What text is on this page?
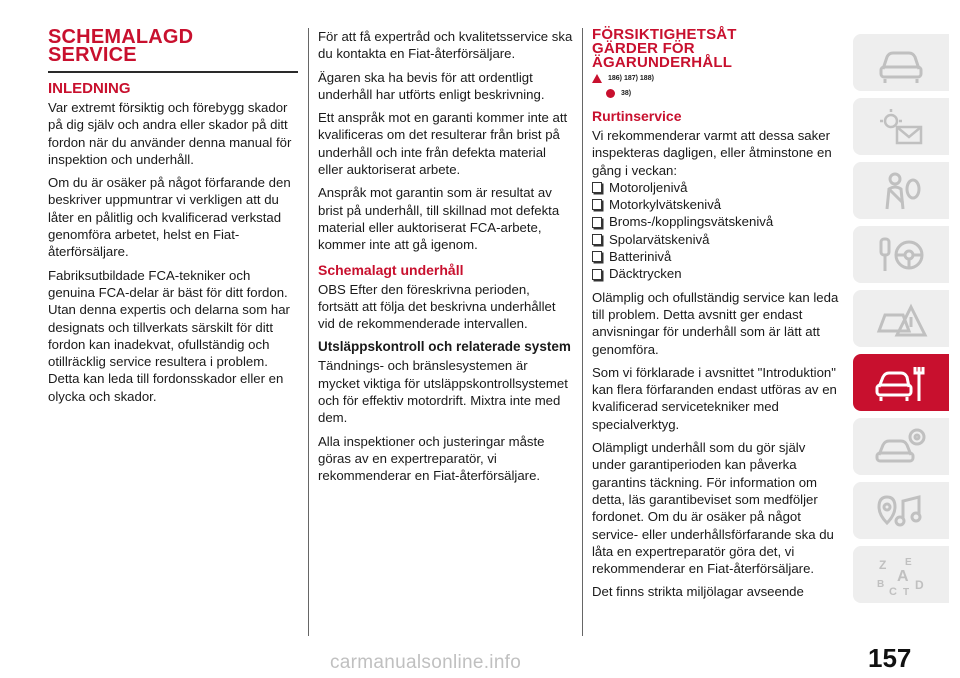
SCHEMALAGD
SERVICE
INLEDNING

Var extremt försiktig och förebygg skador på dig själv och andra eller skador på ditt fordon när du använder denna manual för inspektion och underhåll.

Om du är osäker på något förfarande den beskriver uppmuntrar vi verkligen att du låter en pålitlig och kvalificerad verkstad genomföra arbetet, helst en Fiat-återförsäljare.

Fabriksutbildade FCA-tekniker och genuina FCA-delar är bäst för ditt fordon. Utan denna expertis och delarna som har designats och tillverkats särskilt för ditt fordon kan inadekvat, ofullständig och otillräcklig service resultera i problem. Detta kan leda till fordonsskador eller en olycka och skador.

För att få expertråd och kvalitetsservice ska du kontakta en Fiat-återförsäljare.

Ägaren ska ha bevis för att ordentligt underhåll har utförts enligt beskrivning.

Ett anspråk mot en garanti kommer inte att kvalificeras om det resulterar från brist på underhåll och inte från defekta material eller auktoriserat arbete.

Anspråk mot garantin som är resultat av brist på underhåll, till skillnad mot defekta material eller auktoriserat FCA-arbete, kommer inte att gå igenom.

Schemalagt underhåll

OBS Efter den föreskrivna perioden, fortsätt att följa det beskrivna underhållet vid de rekommenderade intervallen.

Utsläppskontroll och relaterade system

Tändnings- och bränslesystemen är mycket viktiga för utsläppskontrollsystemet och för effektiv motordrift. Mixtra inte med dem.

Alla inspektioner och justeringar måste göras av en expertreparatör, vi rekommenderar en Fiat-återförsäljare.

FÖRSIKTIGHETSÅT
GÄRDER FÖR
ÄGARUNDERHÅLL
186) 187) 188)
38)
Rurtinservice

Vi rekommenderar varmt att dessa saker inspekteras dagligen, eller åtminstone en gång i veckan:

Motoroljenivå
Motorkylvätskenivå
Broms-/kopplingsvätskenivå
Spolarvätskenivå
Batterinivå
Däcktrycken

Olämplig och ofullständig service kan leda till problem. Detta avsnitt ger endast anvisningar för underhåll som är lätt att genomföra.

Som vi förklarade i avsnittet "Introduktion" kan flera förfaranden endast utföras av en kvalificerad servicetekniker med specialverktyg.

Olämpligt underhåll som du gör själv under garantiperioden kan påverka garantins täckning. För information om detta, läs garantibeviset som medföljer fordonet. Om du är osäker på något service- eller underhållsförfarande ska du låta en expertreparatör göra det, vi rekommenderar en Fiat-återförsäljare.

Det finns strikta miljölagar avseende

Z E
A
B
C T
D
carmanualsonline.info	157
